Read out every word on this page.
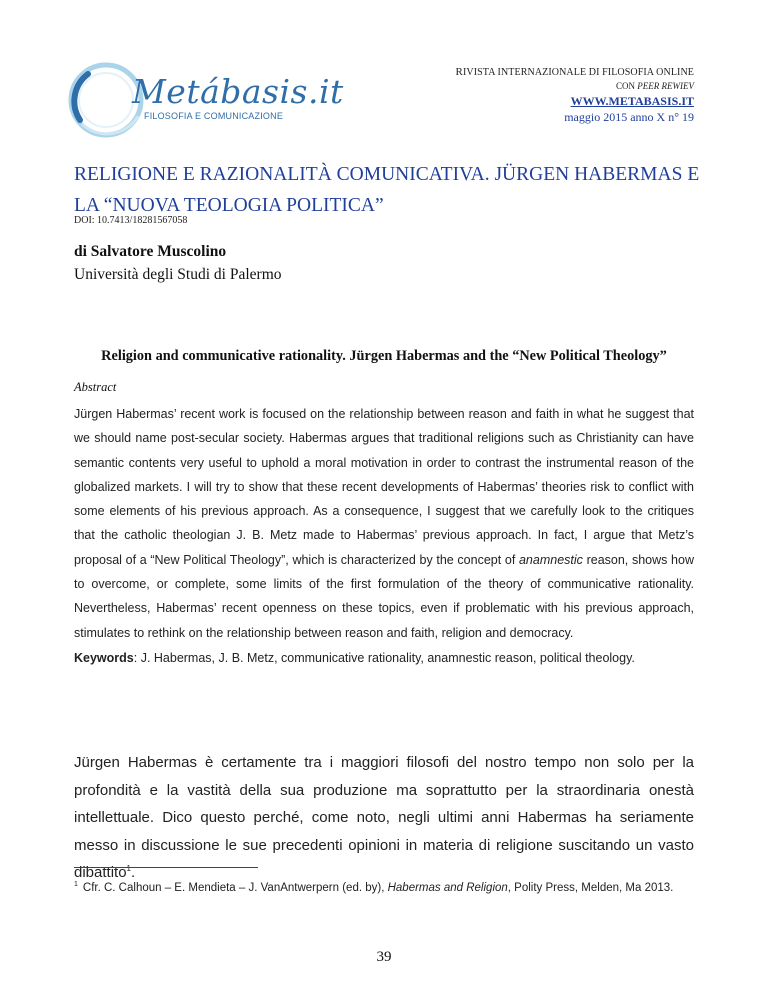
Metábasis.it
FILOSOFIA E COMUNICAZIONE
RIVISTA INTERNAZIONALE DI FILOSOFIA ONLINE
CON PEER REWIEV
WWW.METABASIS.IT
maggio 2015 anno X n° 19
RELIGIONE E RAZIONALITÀ COMUNICATIVA. JÜRGEN HABERMAS E LA “NUOVA TEOLOGIA POLITICA”
DOI: 10.7413/18281567058
di Salvatore Muscolino
Università degli Studi di Palermo
Religion and communicative rationality. Jürgen Habermas and the “New Political Theology”
Abstract
Jürgen Habermas’ recent work is focused on the relationship between reason and faith in what he suggest that we should name post-secular society. Habermas argues that traditional religions such as Christianity can have semantic contents very useful to uphold a moral motivation in order to contrast the instrumental reason of the globalized markets. I will try to show that these recent developments of Habermas’ theories risk to conflict with some elements of his previous approach. As a consequence, I suggest that we carefully look to the critiques that the catholic theologian J. B. Metz made to Habermas’ previous approach. In fact, I argue that Metz’s proposal of a “New Political Theology”, which is characterized by the concept of anamnestic reason, shows how to overcome, or complete, some limits of the first formulation of the theory of communicative rationality. Nevertheless, Habermas’ recent openness on these topics, even if problematic with his previous approach, stimulates to rethink on the relationship between reason and faith, religion and democracy.
Keywords: J. Habermas, J. B. Metz, communicative rationality, anamnestic reason, political theology.
Jürgen Habermas è certamente tra i maggiori filosofi del nostro tempo non solo per la profondità e la vastità della sua produzione ma soprattutto per la straordinaria onestà intellettuale. Dico questo perché, come noto, negli ultimi anni Habermas ha seriamente messo in discussione le sue precedenti opinioni in materia di religione suscitando un vasto dibattito$^1$.
$^1$ Cfr. C. Calhoun – E. Mendieta – J. VanAntwerpern (ed. by), Habermas and Religion, Polity Press, Melden, Ma 2013.
39
